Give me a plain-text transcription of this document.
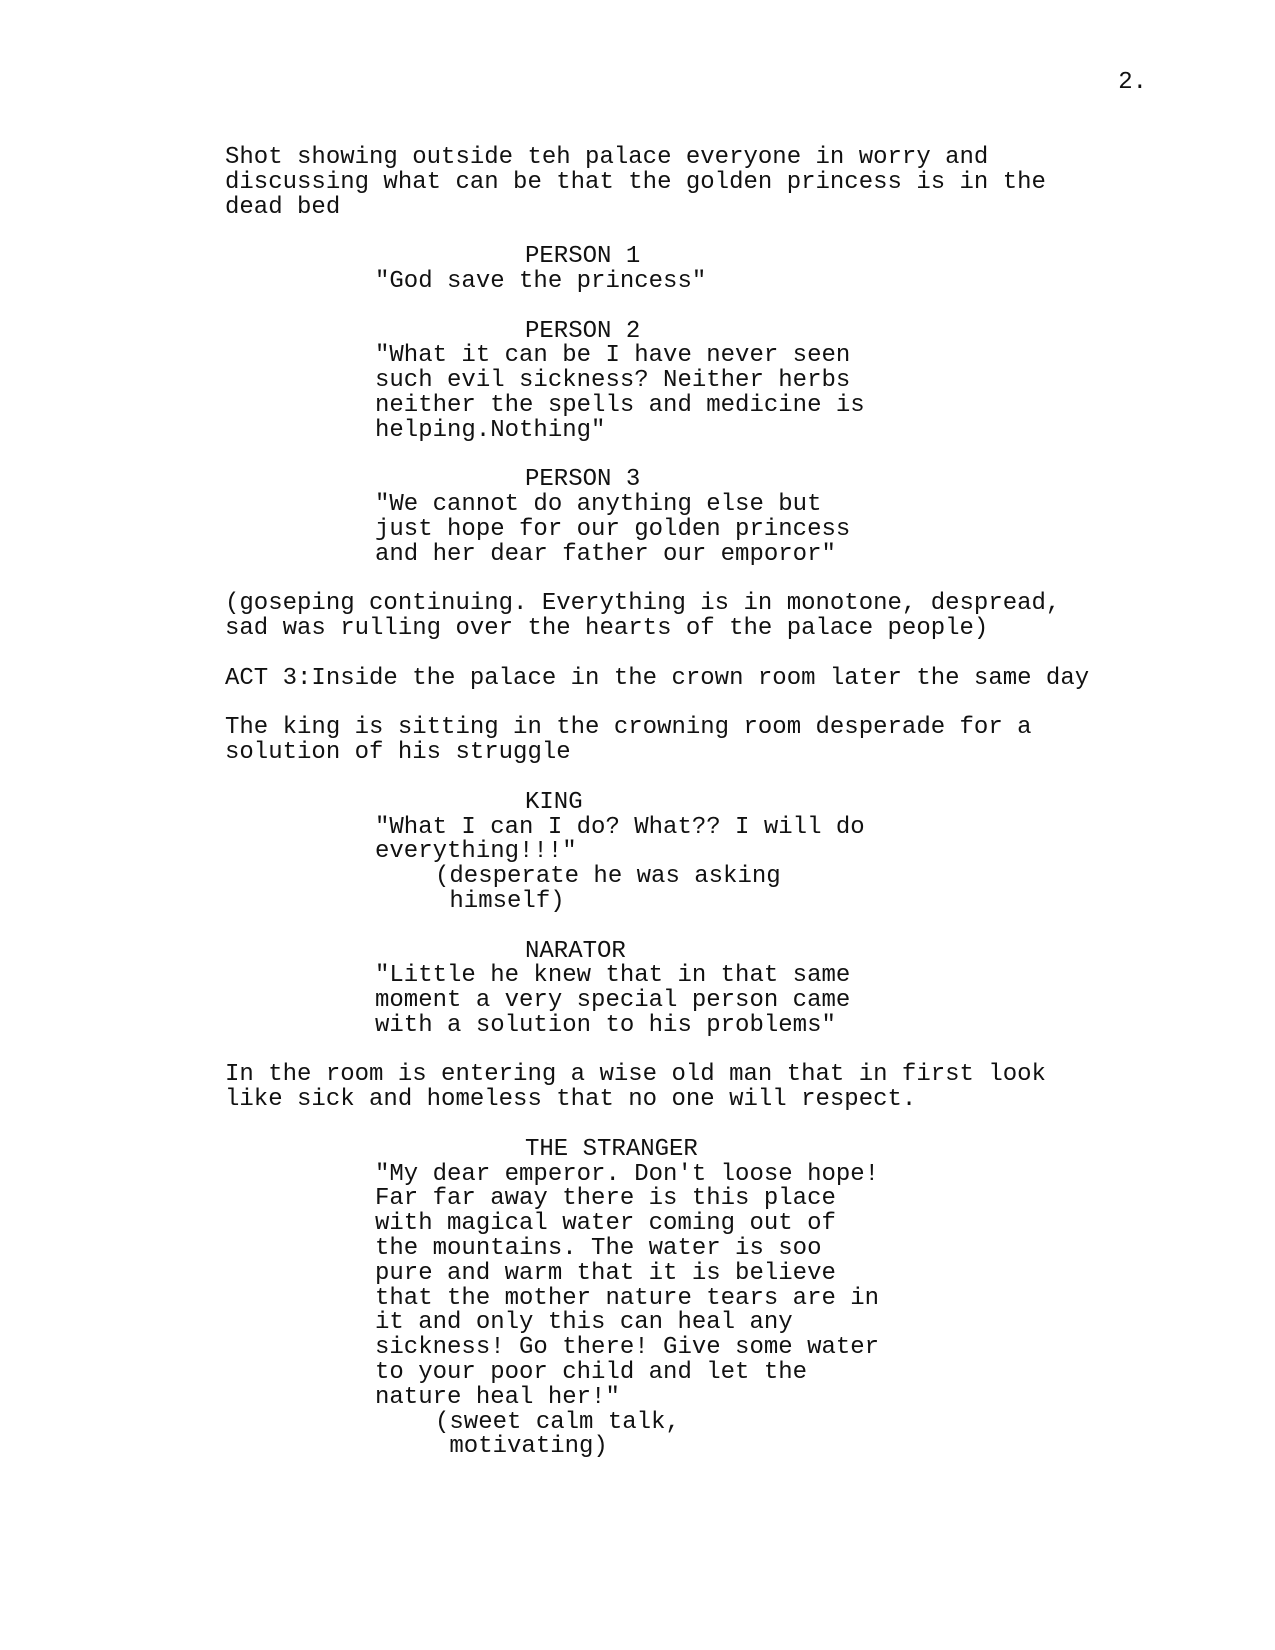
2.
Shot showing outside teh palace everyone in worry and
discussing what can be that the golden princess is in the
dead bed
PERSON 1
"God save the princess"
PERSON 2
"What it can be I have never seen
such evil sickness? Neither herbs
neither the spells and medicine is
helping.Nothing"
PERSON 3
"We cannot do anything else but
just hope for our golden princess
and her dear father our emporor"
(goseping continuing. Everything is in monotone, despread,
sad was rulling over the hearts of the palace people)
ACT 3:Inside the palace in the crown room later the same day
The king is sitting in the crowning room desperade for a
solution of his struggle
KING
"What I can I do? What?? I will do
everything!!!"
(desperate he was asking
himself)
NARATOR
"Little he knew that in that same
moment a very special person came
with a solution to his problems"
In the room is entering a wise old man that in first look
like sick and homeless that no one will respect.
THE STRANGER
"My dear emperor. Don't loose hope!
Far far away there is this place
with magical water coming out of
the mountains. The water is soo
pure and warm that it is believe
that the mother nature tears are in
it and only this can heal any
sickness! Go there! Give some water
to your poor child and let the
nature heal her!"
(sweet calm talk,
motivating)
